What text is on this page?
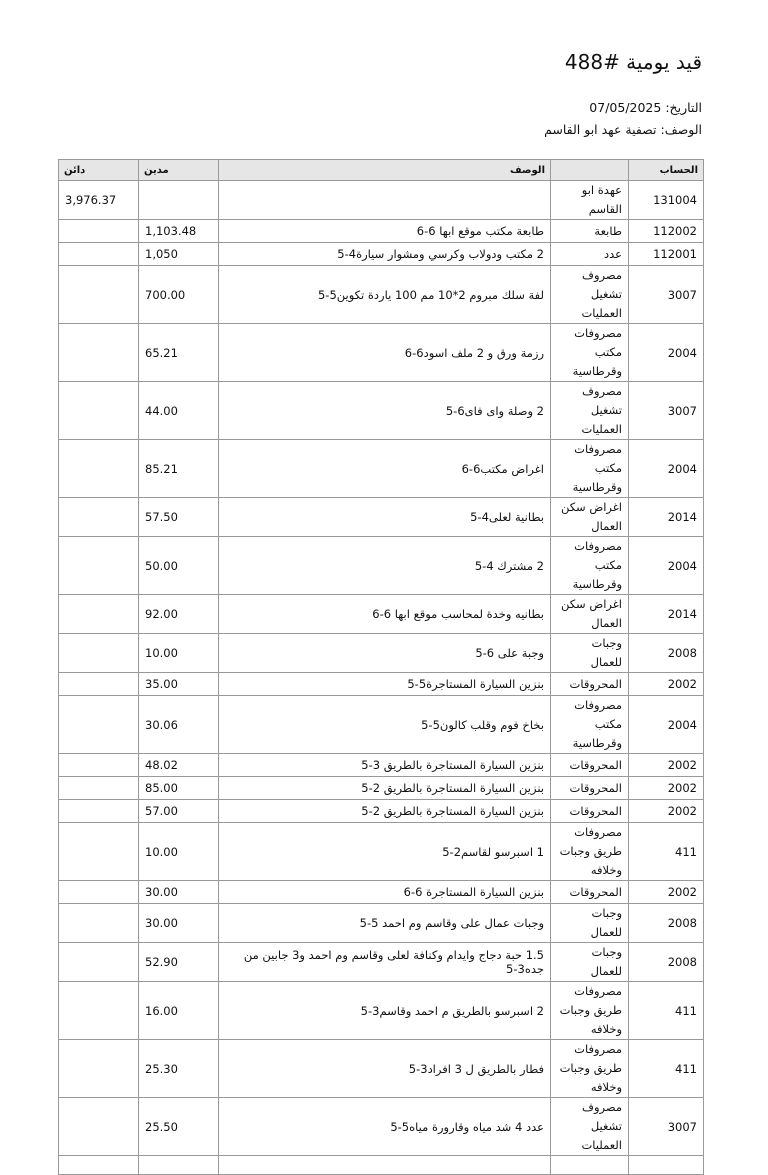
قيد يومية #488
التاريخ: 07/05/2025
الوصف: تصفية عهد ابو القاسم
الحساب		الوصف	مدين	دائن
131004	عهدة ابو القاسم			3,976.37
112002	طابعة	طابعة مكتب موقع ابها 6-6	1,103.48	
112001	عدد	2 مكتب ودولاب وكرسي ومشوار سيارة4-5	1,050	
3007	مصروف تشغيل العمليات	لفة سلك مبروم 2*10 مم 100 ياردة تكوين5-5	700.00	
2004	مصروفات مكتب وقرطاسية	رزمة ورق و 2 ملف اسود6-6	65.21	
3007	مصروف تشغيل العمليات	2 وصلة واى فاى6-5	44.00	
2004	مصروفات مكتب وقرطاسية	اغراض مكتب6-6	85.21	
2014	اغراض سكن العمال	بطانية لعلى4-5	57.50	
2004	مصروفات مكتب وقرطاسية	2 مشترك 4-5	50.00	
2014	اغراض سكن العمال	بطانيه وخدة لمحاسب موقع ابها 6-6	92.00	
2008	وجبات للعمال	وجبة على 6-5	10.00	
2002	المحروقات	بنزين السيارة المستاجرة5-5	35.00	
2004	مصروفات مكتب وقرطاسية	بخاخ فوم وقلب كالون5-5	30.06	
2002	المحروقات	بنزين السيارة المستاجرة بالطريق 3-5	48.02	
2002	المحروقات	بنزين السيارة المستاجرة بالطريق 2-5	85.00	
2002	المحروقات	بنزين السيارة المستاجرة بالطريق 2-5	57.00	
411	مصروفات طريق وجبات وخلافه	1 اسبرسو لقاسم2-5	10.00	
2002	المحروقات	بنزين السيارة المستاجرة 6-6	30.00	
2008	وجبات للعمال	وجبات عمال على وقاسم وم احمد 5-5	30.00	
2008	وجبات للعمال	1.5 حبة دجاج وايدام وكنافة لعلى وقاسم وم احمد و3 جابين من جده3-5	52.90	
411	مصروفات طريق وجبات وخلافه	2 اسبرسو بالطريق م احمد وقاسم3-5	16.00	
411	مصروفات طريق وجبات وخلافه	فطار بالطريق ل 3 افراد3-5	25.30	
3007	مصروف تشغيل العمليات	عدد 4 شد مياه وقارورة مياه5-5	25.50	
